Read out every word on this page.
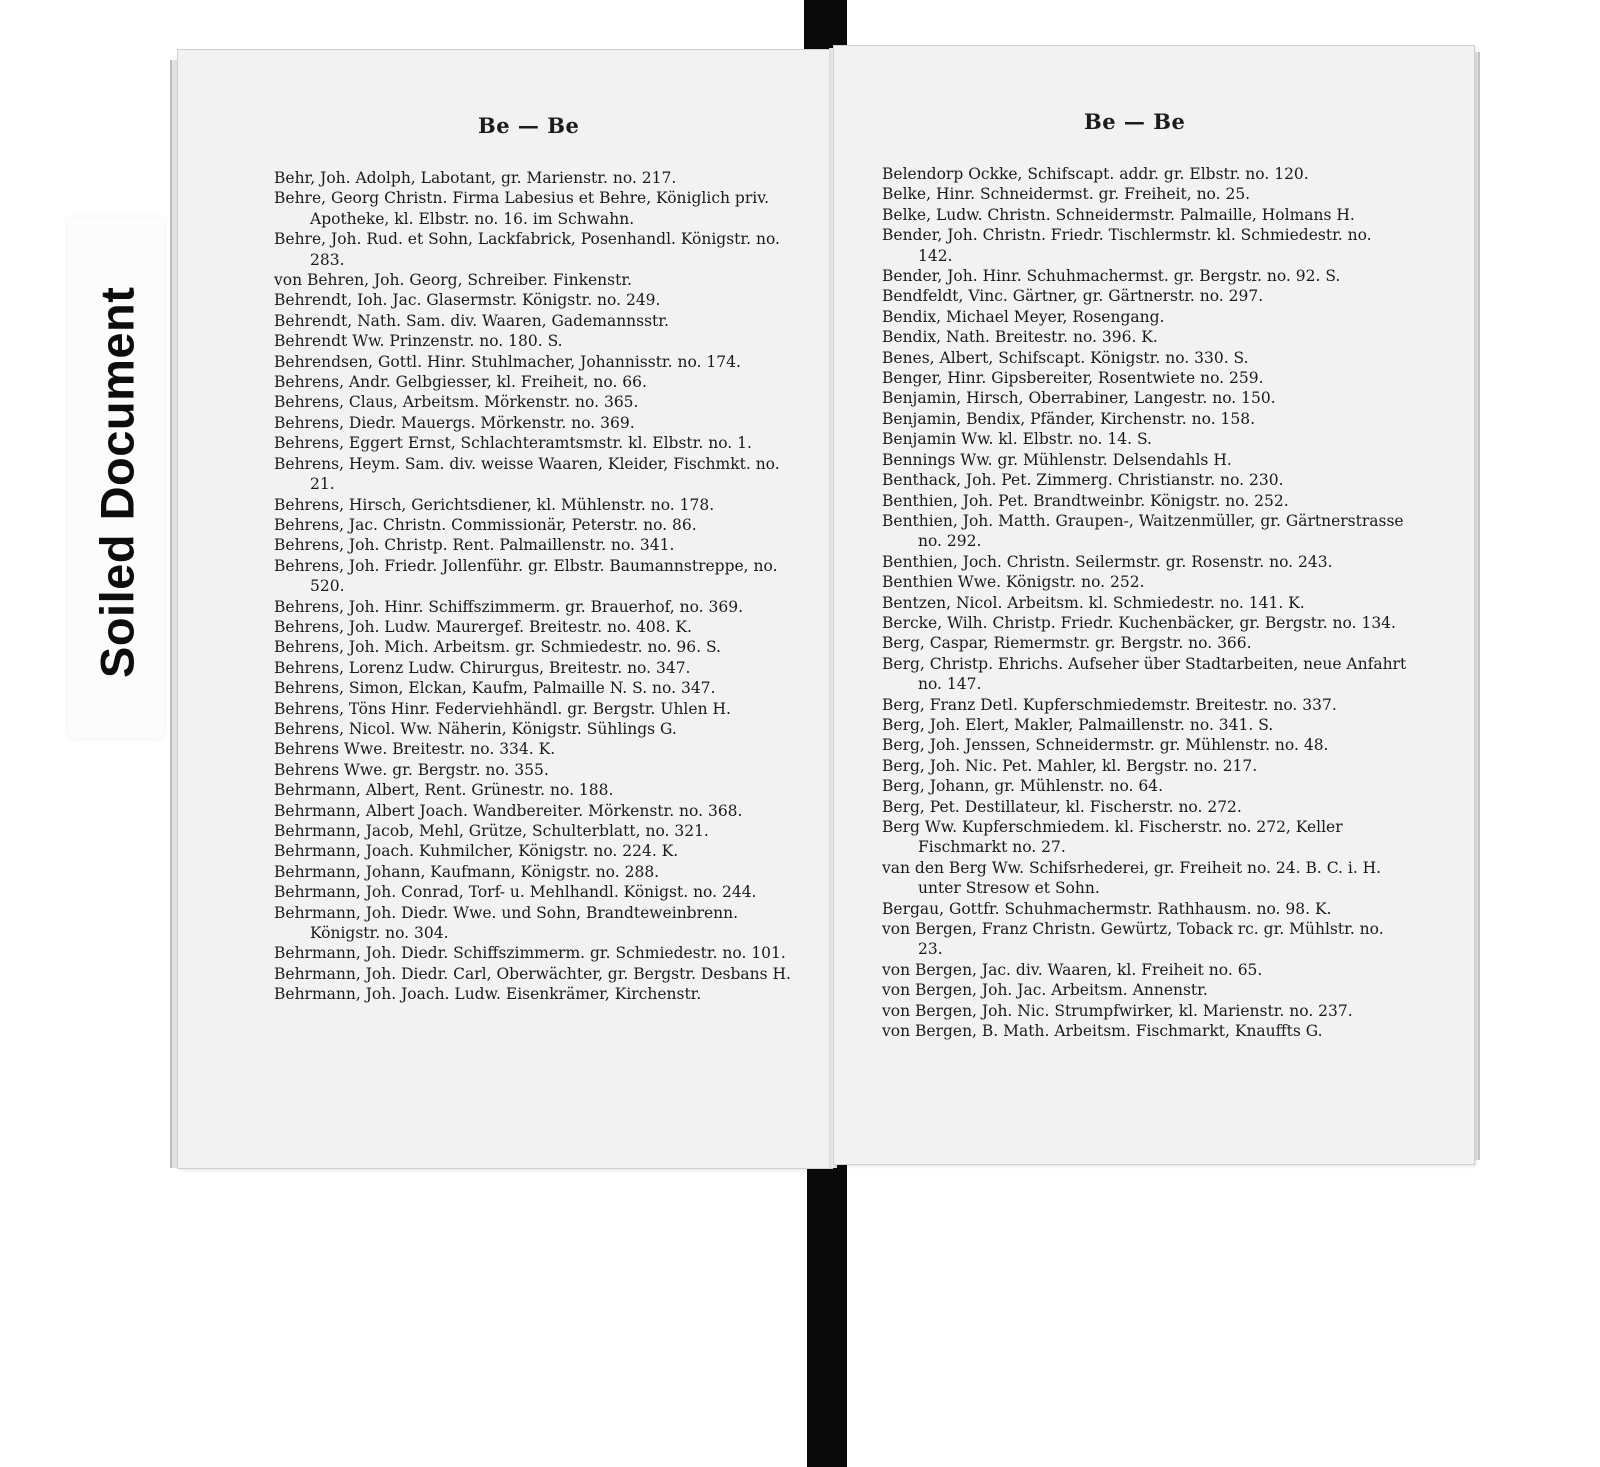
Soiled Document
Be — Be

Behr, Joh. Adolph, Labotant, gr. Marienstr. no. 217.

Behre, Georg Christn. Firma Labesius et Behre, Königlich priv. Apotheke, kl. Elbstr. no. 16. im Schwahn.

Behre, Joh. Rud. et Sohn, Lackfabrick, Posenhandl. Königstr. no. 283.

von Behren, Joh. Georg, Schreiber. Finkenstr.

Behrendt, Ioh. Jac. Glasermstr. Königstr. no. 249.

Behrendt, Nath. Sam. div. Waaren, Gademannsstr.

Behrendt Ww. Prinzenstr. no. 180. S.

Behrendsen, Gottl. Hinr. Stuhlmacher, Johannisstr. no. 174.

Behrens, Andr. Gelbgiesser, kl. Freiheit, no. 66.

Behrens, Claus, Arbeitsm. Mörkenstr. no. 365.

Behrens, Diedr. Mauergs. Mörkenstr. no. 369.

Behrens, Eggert Ernst, Schlachteramtsmstr. kl. Elbstr. no. 1.

Behrens, Heym. Sam. div. weisse Waaren, Kleider, Fischmkt. no. 21.

Behrens, Hirsch, Gerichtsdiener, kl. Mühlenstr. no. 178.

Behrens, Jac. Christn. Commissionär, Peterstr. no. 86.

Behrens, Joh. Christp. Rent. Palmaillenstr. no. 341.

Behrens, Joh. Friedr. Jollenführ. gr. Elbstr. Baumannstreppe, no. 520.

Behrens, Joh. Hinr. Schiffszimmerm. gr. Brauerhof, no. 369.

Behrens, Joh. Ludw. Maurergef. Breitestr. no. 408. K.

Behrens, Joh. Mich. Arbeitsm. gr. Schmiedestr. no. 96. S.

Behrens, Lorenz Ludw. Chirurgus, Breitestr. no. 347.

Behrens, Simon, Elckan, Kaufm, Palmaille N. S. no. 347.

Behrens, Töns Hinr. Federviehhändl. gr. Bergstr. Uhlen H.

Behrens, Nicol. Ww. Näherin, Königstr. Sühlings G.

Behrens Wwe. Breitestr. no. 334. K.

Behrens Wwe. gr. Bergstr. no. 355.

Behrmann, Albert, Rent. Grünestr. no. 188.

Behrmann, Albert Joach. Wandbereiter. Mörkenstr. no. 368.

Behrmann, Jacob, Mehl, Grütze, Schulterblatt, no. 321.

Behrmann, Joach. Kuhmilcher, Königstr. no. 224. K.

Behrmann, Johann, Kaufmann, Königstr. no. 288.

Behrmann, Joh. Conrad, Torf- u. Mehlhandl. Königst. no. 244.

Behrmann, Joh. Diedr. Wwe. und Sohn, Brandteweinbrenn. Königstr. no. 304.

Behrmann, Joh. Diedr. Schiffszimmerm. gr. Schmiedestr. no. 101.

Behrmann, Joh. Diedr. Carl, Oberwächter, gr. Bergstr. Desbans H.

Behrmann, Joh. Joach. Ludw. Eisenkrämer, Kirchenstr.

Be — Be

Belendorp Ockke, Schifscapt. addr. gr. Elbstr. no. 120.

Belke, Hinr. Schneidermst. gr. Freiheit, no. 25.

Belke, Ludw. Christn. Schneidermstr. Palmaille, Holmans H.

Bender, Joh. Christn. Friedr. Tischlermstr. kl. Schmiedestr. no. 142.

Bender, Joh. Hinr. Schuhmachermst. gr. Bergstr. no. 92. S.

Bendfeldt, Vinc. Gärtner, gr. Gärtnerstr. no. 297.

Bendix, Michael Meyer, Rosengang.

Bendix, Nath. Breitestr. no. 396. K.

Benes, Albert, Schifscapt. Königstr. no. 330. S.

Benger, Hinr. Gipsbereiter, Rosentwiete no. 259.

Benjamin, Hirsch, Oberrabiner, Langestr. no. 150.

Benjamin, Bendix, Pfänder, Kirchenstr. no. 158.

Benjamin Ww. kl. Elbstr. no. 14. S.

Bennings Ww. gr. Mühlenstr. Delsendahls H.

Benthack, Joh. Pet. Zimmerg. Christianstr. no. 230.

Benthien, Joh. Pet. Brandtweinbr. Königstr. no. 252.

Benthien, Joh. Matth. Graupen-, Waitzenmüller, gr. Gärtnerstrasse no. 292.

Benthien, Joch. Christn. Seilermstr. gr. Rosenstr. no. 243.

Benthien Wwe. Königstr. no. 252.

Bentzen, Nicol. Arbeitsm. kl. Schmiedestr. no. 141. K.

Bercke, Wilh. Christp. Friedr. Kuchenbäcker, gr. Bergstr. no. 134.

Berg, Caspar, Riemermstr. gr. Bergstr. no. 366.

Berg, Christp. Ehrichs. Aufseher über Stadtarbeiten, neue Anfahrt no. 147.

Berg, Franz Detl. Kupferschmiedemstr. Breitestr. no. 337.

Berg, Joh. Elert, Makler, Palmaillenstr. no. 341. S.

Berg, Joh. Jenssen, Schneidermstr. gr. Mühlenstr. no. 48.

Berg, Joh. Nic. Pet. Mahler, kl. Bergstr. no. 217.

Berg, Johann, gr. Mühlenstr. no. 64.

Berg, Pet. Destillateur, kl. Fischerstr. no. 272.

Berg Ww. Kupferschmiedem. kl. Fischerstr. no. 272, Keller Fischmarkt no. 27.

van den Berg Ww. Schifsrhederei, gr. Freiheit no. 24. B. C. i. H. unter Stresow et Sohn.

Bergau, Gottfr. Schuhmachermstr. Rathhausm. no. 98. K.

von Bergen, Franz Christn. Gewürtz, Toback rc. gr. Mühlstr. no. 23.

von Bergen, Jac. div. Waaren, kl. Freiheit no. 65.

von Bergen, Joh. Jac. Arbeitsm. Annenstr.

von Bergen, Joh. Nic. Strumpfwirker, kl. Marienstr. no. 237.

von Bergen, B. Math. Arbeitsm. Fischmarkt, Knauffts G.
